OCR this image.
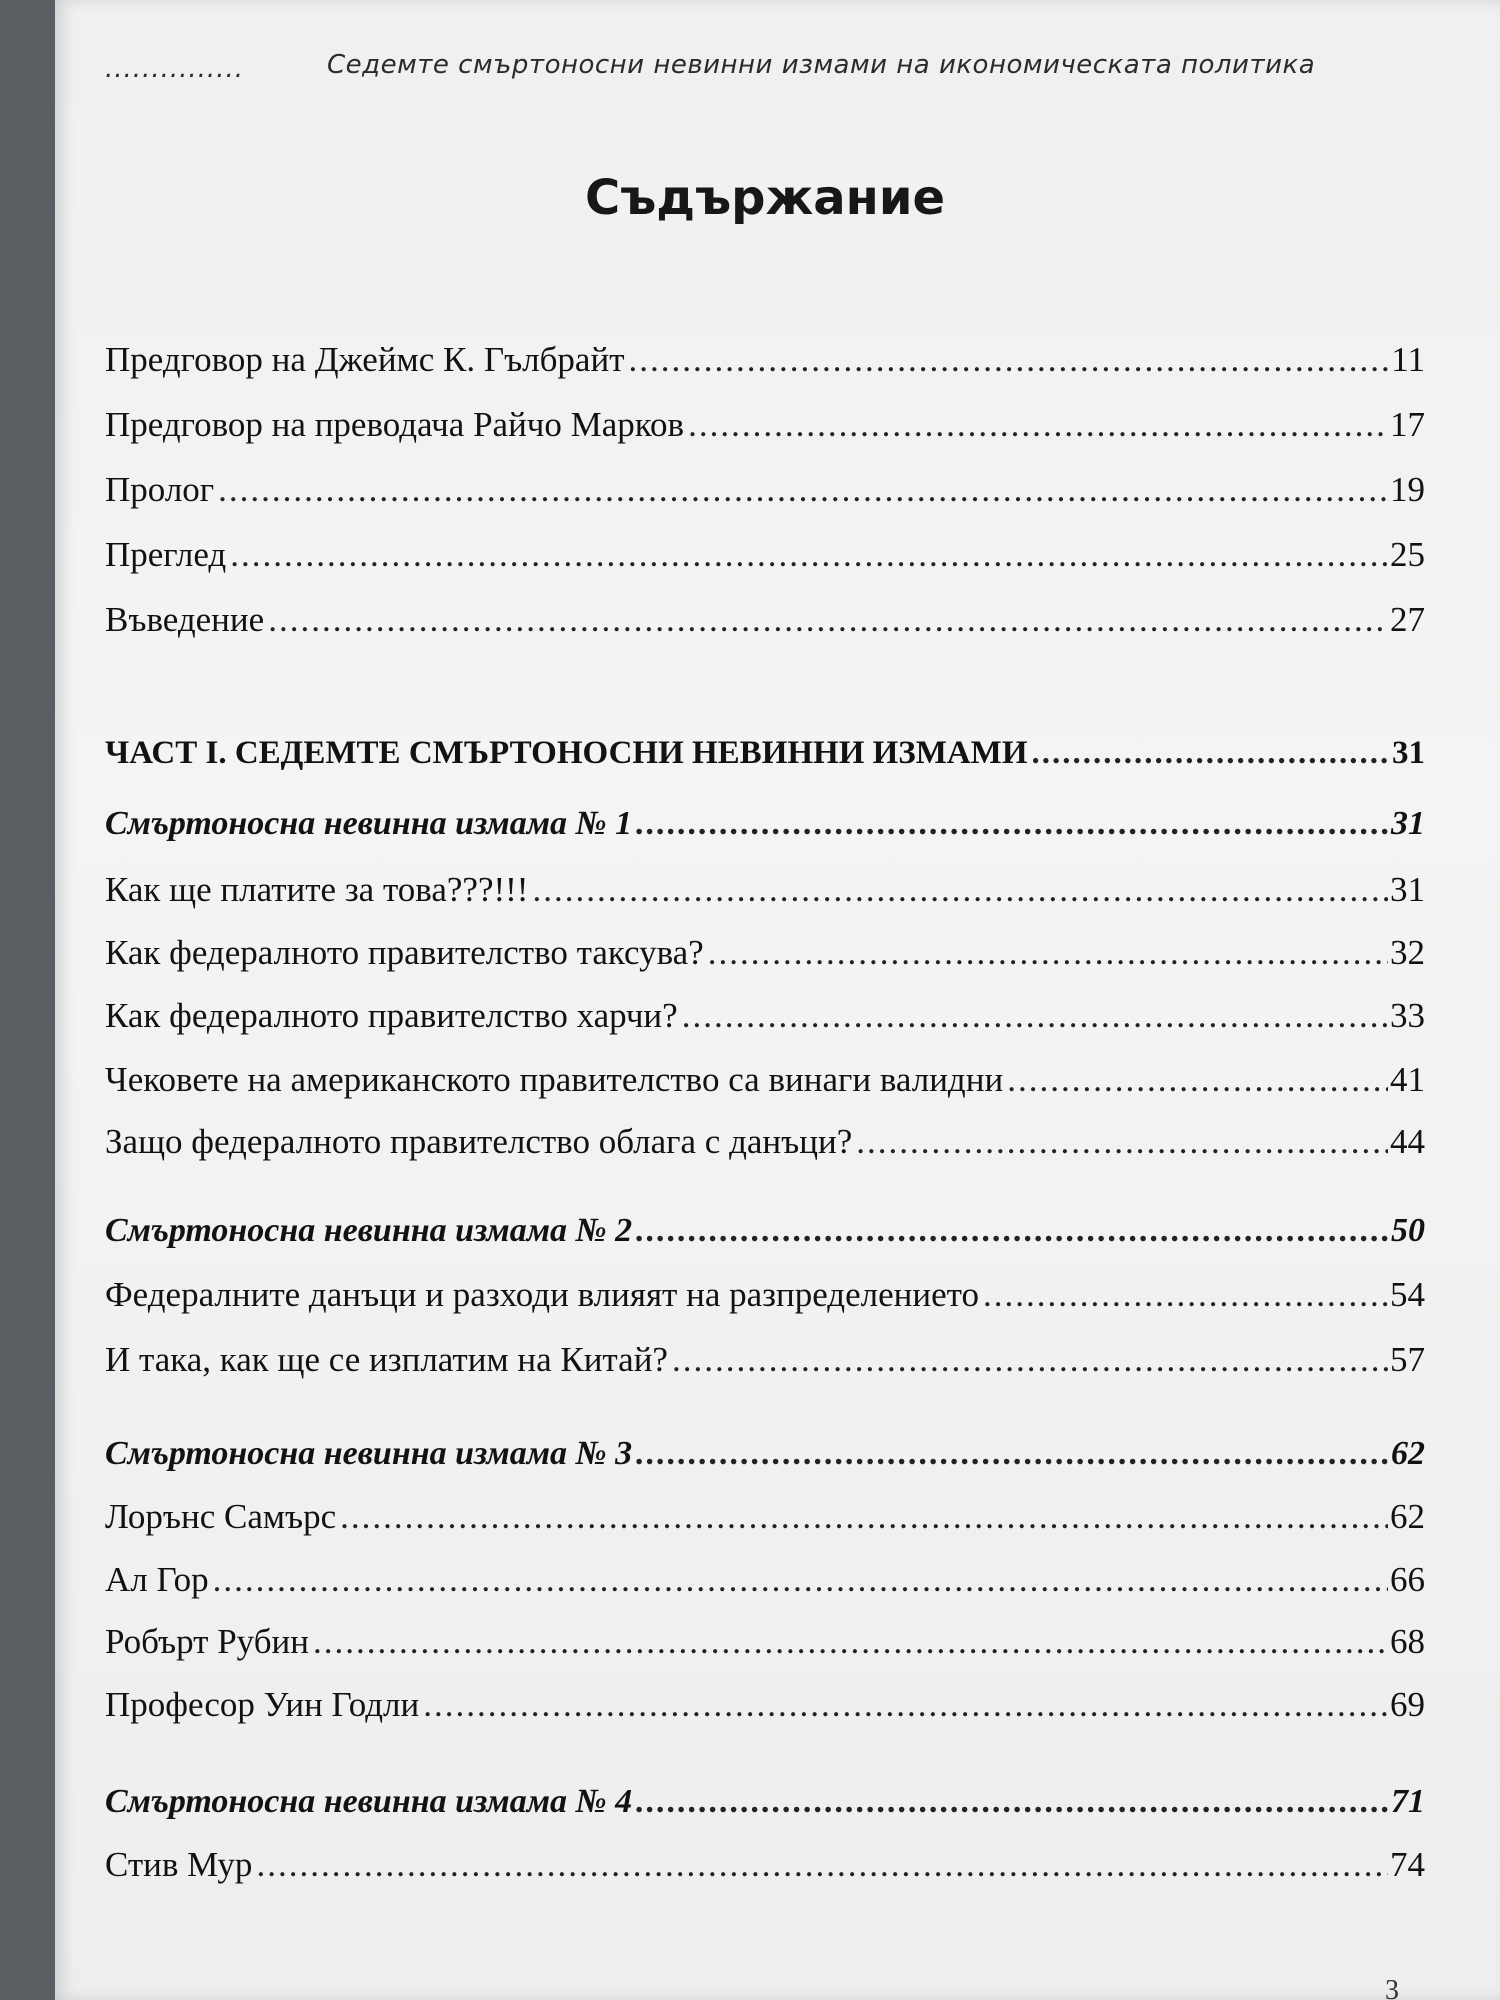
...............	Седемте смъртоносни невинни измами на икономическата политика
Съдържание
Предговор на Джеймс К. Гълбрайт .....	11
Предговор на преводача Райчо Марков .....	17
Пролог .....	19
Преглед .....	25
Въведение .....	27
ЧАСТ I. СЕДЕМТЕ СМЪРТОНОСНИ НЕВИННИ ИЗМАМИ .....	31
Смъртоносна невинна измама № 1 .....	31
Как ще платите за това???!!! .....	31
Как федералното правителство таксува? .....	32
Как федералното правителство харчи? .....	33
Чековете на американското правителство са винаги валидни .....	41
Защо федералното правителство облага с данъци? .....	44
Смъртоносна невинна измама № 2 .....	50
Федералните данъци и разходи влияят на разпределението .....	54
И така, как ще се изплатим на Китай? .....	57
Смъртоносна невинна измама № 3 .....	62
Лорънс Самърс .....	62
Ал Гор .....	66
Робърт Рубин .....	68
Професор Уин Годли .....	69
Смъртоносна невинна измама № 4 .....	71
Стив Мур .....	74
3
